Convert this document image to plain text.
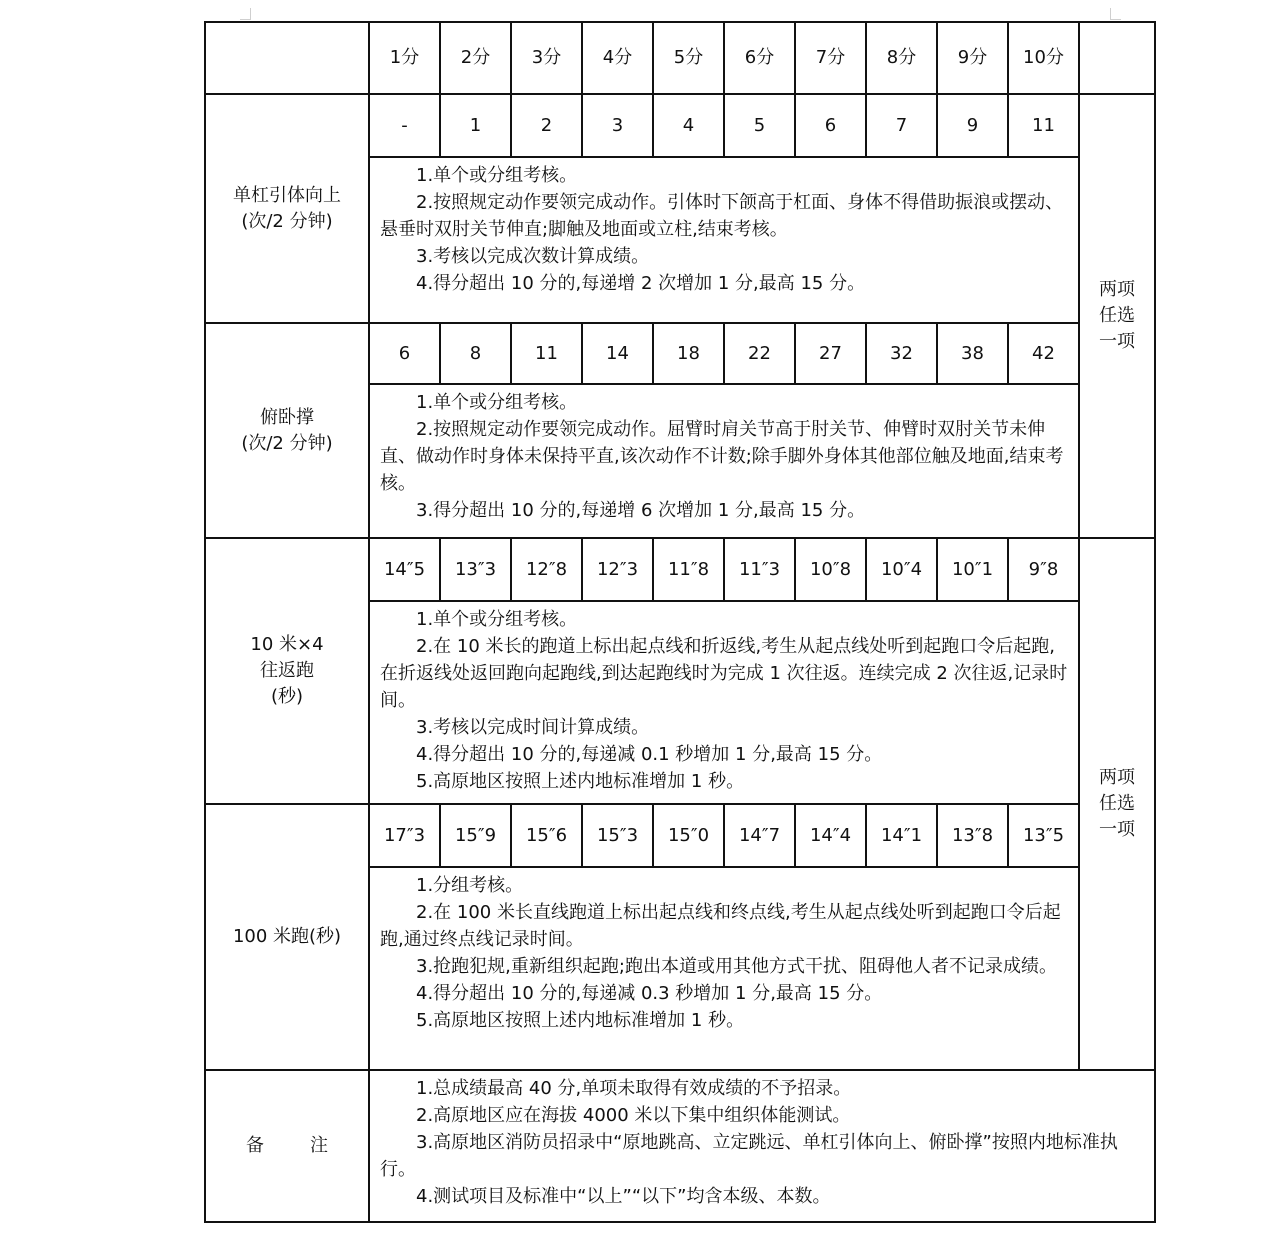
	1分	2分	3分	4分	5分	6分	7分	8分	9分	10分	

单杠引体向上
(次/2 分钟)	-	1	2	3	4	5	6	7	9	11	两项
任选
一项

	1.单个或分组考核。

2.按照规定动作要领完成动作。引体时下颌高于杠面、身体不得借助振浪或摆动、悬垂时双肘关节伸直;脚触及地面或立柱,结束考核。

3.考核以完成次数计算成绩。

4.得分超出 10 分的,每递增 2 次增加 1 分,最高 15 分。										

俯卧撑
(次/2 分钟)	6	8	11	14	18	22	27	32	38	42	

	1.单个或分组考核。

2.按照规定动作要领完成动作。屈臂时肩关节高于肘关节、伸臂时双肘关节未伸直、做动作时身体未保持平直,该次动作不计数;除手脚外身体其他部位触及地面,结束考核。

3.得分超出 10 分的,每递增 6 次增加 1 分,最高 15 分。										

10 米×4
往返跑
(秒)	14″5	13″3	12″8	12″3	11″8	11″3	10″8	10″4	10″1	9″8	两项
任选
一项

	1.单个或分组考核。

2.在 10 米长的跑道上标出起点线和折返线,考生从起点线处听到起跑口令后起跑,在折返线处返回跑向起跑线,到达起跑线时为完成 1 次往返。连续完成 2 次往返,记录时间。

3.考核以完成时间计算成绩。

4.得分超出 10 分的,每递减 0.1 秒增加 1 分,最高 15 分。

5.高原地区按照上述内地标准增加 1 秒。										

100 米跑(秒)	17″3	15″9	15″6	15″3	15″0	14″7	14″4	14″1	13″8	13″5	

	1.分组考核。

2.在 100 米长直线跑道上标出起点线和终点线,考生从起点线处听到起跑口令后起跑,通过终点线记录时间。

3.抢跑犯规,重新组织起跑;跑出本道或用其他方式干扰、阻碍他人者不记录成绩。

4.得分超出 10 分的,每递减 0.3 秒增加 1 分,最高 15 分。

5.高原地区按照上述内地标准增加 1 秒。										

备 注	1.总成绩最高 40 分,单项未取得有效成绩的不予招录。

2.高原地区应在海拔 4000 米以下集中组织体能测试。

3.高原地区消防员招录中“原地跳高、立定跳远、单杠引体向上、俯卧撑”按照内地标准执行。

4.测试项目及标准中“以上”“以下”均含本级、本数。										
